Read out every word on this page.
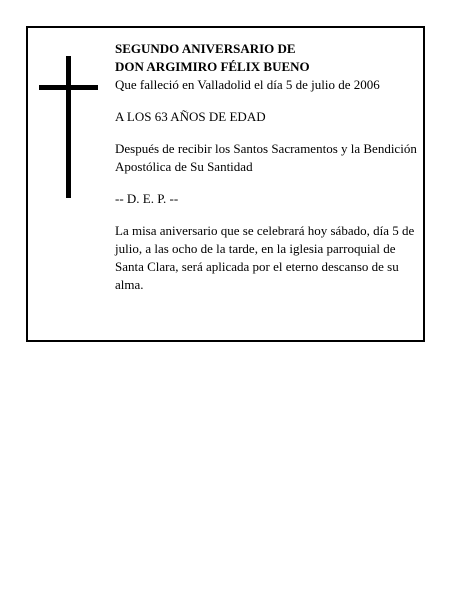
SEGUNDO ANIVERSARIO DE

DON ARGIMIRO FÉLIX BUENO

Que falleció en Valladolid el día 5 de julio de 2006

A LOS 63 AÑOS DE EDAD

Después de recibir los Santos Sacramentos y la Bendición Apostólica de Su Santidad

-- D. E. P. --

La misa aniversario que se celebrará hoy sábado, día 5 de julio, a las ocho de la tarde, en la iglesia parroquial de Santa Clara, será aplicada por el eterno descanso de su alma.
